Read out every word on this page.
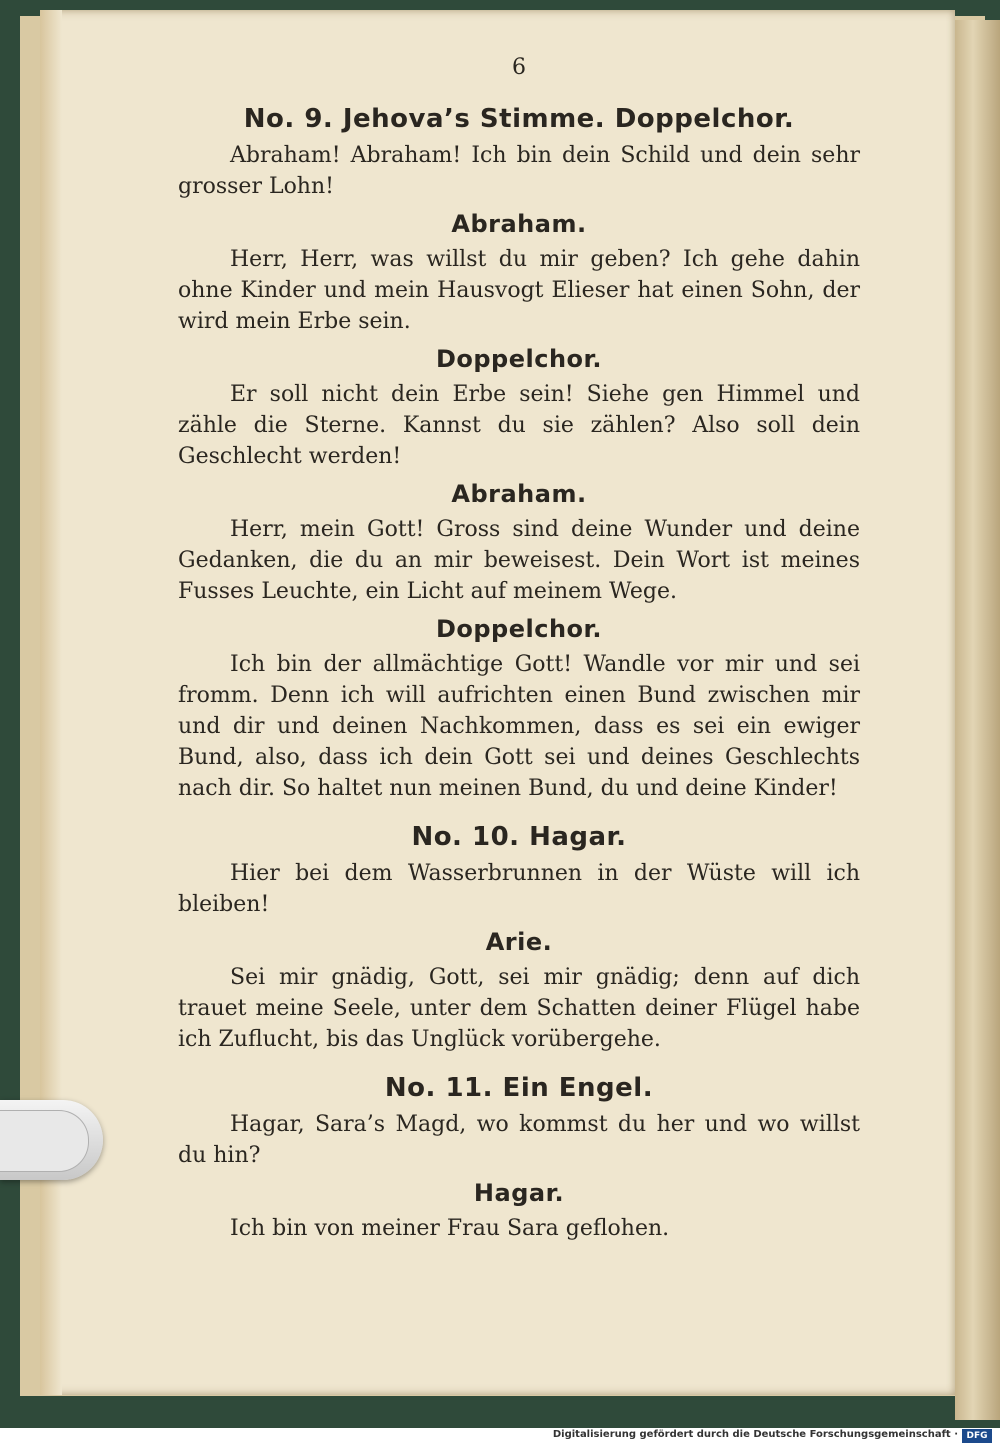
6
No. 9. Jehova’s Stimme. Doppelchor.

Abraham! Abraham! Ich bin dein Schild und dein sehr grosser Lohn!

Abraham.

Herr, Herr, was willst du mir geben? Ich gehe dahin ohne Kinder und mein Hausvogt Elieser hat einen Sohn, der wird mein Erbe sein.

Doppelchor.

Er soll nicht dein Erbe sein! Siehe gen Himmel und zähle die Sterne. Kannst du sie zählen? Also soll dein Geschlecht werden!

Abraham.

Herr, mein Gott! Gross sind deine Wunder und deine Gedanken, die du an mir beweisest. Dein Wort ist meines Fusses Leuchte, ein Licht auf meinem Wege.

Doppelchor.

Ich bin der allmächtige Gott! Wandle vor mir und sei fromm. Denn ich will aufrichten einen Bund zwischen mir und dir und deinen Nachkommen, dass es sei ein ewiger Bund, also, dass ich dein Gott sei und deines Geschlechts nach dir. So haltet nun meinen Bund, du und deine Kinder!

No. 10. Hagar.

Hier bei dem Wasserbrunnen in der Wüste will ich bleiben!

Arie.

Sei mir gnädig, Gott, sei mir gnädig; denn auf dich trauet meine Seele, unter dem Schatten deiner Flügel habe ich Zuflucht, bis das Unglück vorübergehe.

No. 11. Ein Engel.

Hagar, Sara’s Magd, wo kommst du her und wo willst du hin?

Hagar.

Ich bin von meiner Frau Sara geflohen.

Digitalisierung gefördert durch die Deutsche Forschungsgemeinschaft · DFG
